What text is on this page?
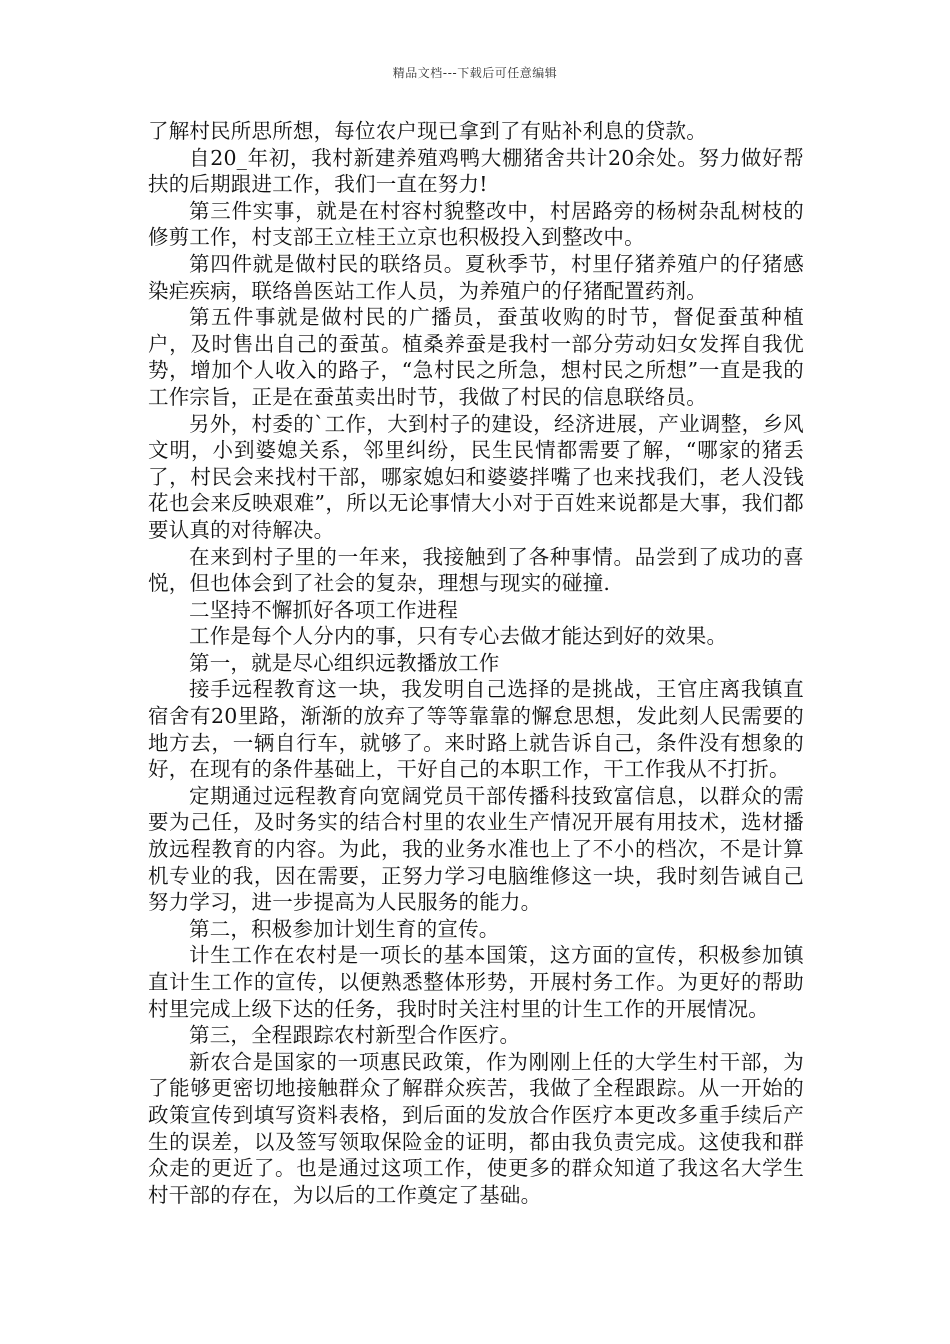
精品文档---下载后可任意编辑

了解村民所思所想，每位农户现已拿到了有贴补利息的贷款。

自20_年初，我村新建养殖鸡鸭大棚猪舍共计20余处。努力做好帮扶的后期跟进工作，我们一直在努力!

第三件实事，就是在村容村貌整改中，村居路旁的杨树杂乱树枝的修剪工作，村支部王立桂王立京也积极投入到整改中。

第四件就是做村民的联络员。夏秋季节，村里仔猪养殖户的仔猪感染疟疾病，联络兽医站工作人员，为养殖户的仔猪配置药剂。

第五件事就是做村民的广播员，蚕茧收购的时节，督促蚕茧种植户，及时售出自己的蚕茧。植桑养蚕是我村一部分劳动妇女发挥自我优势，增加个人收入的路子，“急村民之所急，想村民之所想”一直是我的工作宗旨，正是在蚕茧卖出时节，我做了村民的信息联络员。

另外，村委的`工作，大到村子的建设，经济进展，产业调整，乡风文明，小到婆媳关系，邻里纠纷，民生民情都需要了解，“哪家的猪丢了，村民会来找村干部，哪家媳妇和婆婆拌嘴了也来找我们，老人没钱花也会来反映艰难”，所以无论事情大小对于百姓来说都是大事，我们都要认真的对待解决。

在来到村子里的一年来，我接触到了各种事情。品尝到了成功的喜悦，但也体会到了社会的复杂，理想与现实的碰撞.

二坚持不懈抓好各项工作进程

工作是每个人分内的事，只有专心去做才能达到好的效果。

第一，就是尽心组织远教播放工作

接手远程教育这一块，我发明自己选择的是挑战，王官庄离我镇直宿舍有20里路，渐渐的放弃了等等靠靠的懈怠思想，发此刻人民需要的地方去，一辆自行车，就够了。来时路上就告诉自己，条件没有想象的好，在现有的条件基础上，干好自己的本职工作，干工作我从不打折。

定期通过远程教育向宽阔党员干部传播科技致富信息，以群众的需要为己任，及时务实的结合村里的农业生产情况开展有用技术，选材播放远程教育的内容。为此，我的业务水准也上了不小的档次，不是计算机专业的我，因在需要，正努力学习电脑维修这一块，我时刻告诫自己努力学习，进一步提高为人民服务的能力。

第二，积极参加计划生育的宣传。

计生工作在农村是一项长的基本国策，这方面的宣传，积极参加镇直计生工作的宣传，以便熟悉整体形势，开展村务工作。为更好的帮助村里完成上级下达的任务，我时时关注村里的计生工作的开展情况。

第三，全程跟踪农村新型合作医疗。

新农合是国家的一项惠民政策，作为刚刚上任的大学生村干部，为了能够更密切地接触群众了解群众疾苦，我做了全程跟踪。从一开始的政策宣传到填写资料表格，到后面的发放合作医疗本更改多重手续后产生的误差，以及签写领取保险金的证明，都由我负责完成。这使我和群众走的更近了。也是通过这项工作，使更多的群众知道了我这名大学生村干部的存在，为以后的工作奠定了基础。
